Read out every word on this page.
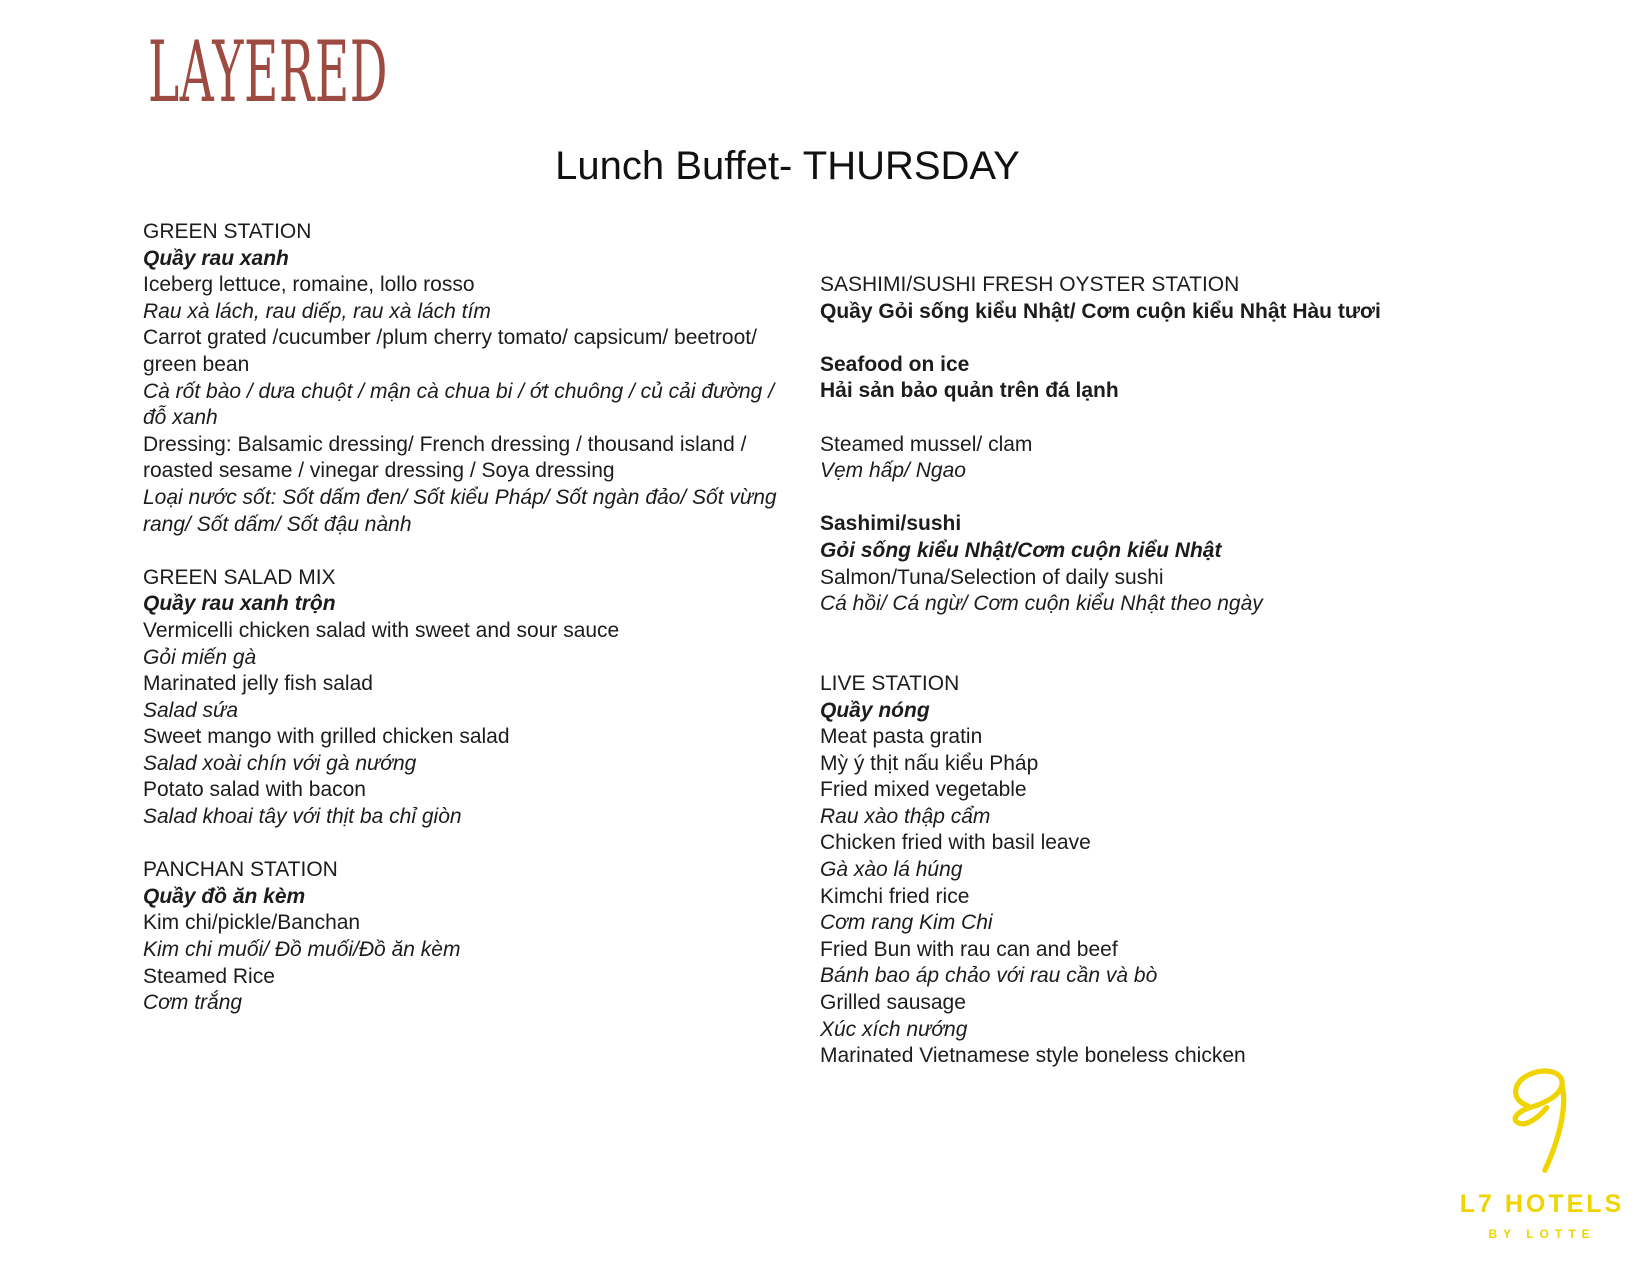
LAYERED
Lunch Buffet- THURSDAY
GREEN STATION
Quầy rau xanh
Iceberg lettuce, romaine, lollo rosso
Rau xà lách, rau diếp, rau xà lách tím
Carrot grated /cucumber /plum cherry tomato/ capsicum/ beetroot/
green bean
Cà rốt bào / dưa chuột / mận cà chua bi / ớt chuông / củ cải đường /
đỗ xanh
Dressing: Balsamic dressing/ French dressing / thousand island /
roasted sesame / vinegar dressing / Soya dressing
Loại nước sốt: Sốt dấm đen/ Sốt kiểu Pháp/ Sốt ngàn đảo/ Sốt vừng
rang/ Sốt dấm/ Sốt đậu nành
GREEN SALAD MIX
Quầy rau xanh trộn
Vermicelli chicken salad with sweet and sour sauce
Gỏi miến gà
Marinated jelly fish salad
Salad sứa
Sweet mango with grilled chicken salad
Salad xoài chín với gà nướng
Potato salad with bacon
Salad khoai tây với thịt ba chỉ giòn
PANCHAN STATION
Quầy đồ ăn kèm
Kim chi/pickle/Banchan
Kim chi muối/ Đồ muối/Đồ ăn kèm
Steamed Rice
Cơm trắng
SASHIMI/SUSHI FRESH OYSTER STATION
Quầy Gỏi sống kiểu Nhật/ Cơm cuộn kiểu Nhật Hàu tươi
Seafood on ice
Hải sản bảo quản trên đá lạnh
Steamed mussel/ clam
Vẹm hấp/ Ngao
Sashimi/sushi
Gỏi sống kiểu Nhật/Cơm cuộn kiểu Nhật
Salmon/Tuna/Selection of daily sushi
Cá hồi/ Cá ngừ/ Cơm cuộn kiểu Nhật theo ngày
LIVE STATION
Quầy nóng
Meat pasta gratin
Mỳ ý thịt nấu kiểu Pháp
Fried mixed vegetable
Rau xào thập cẩm
Chicken fried with basil leave
Gà xào lá húng
Kimchi fried rice
Cơm rang Kim Chi
Fried Bun with rau can and beef
Bánh bao áp chảo với rau cần và bò
Grilled sausage
Xúc xích nướng
Marinated Vietnamese style boneless chicken
L7 HOTELS
BY LOTTE
